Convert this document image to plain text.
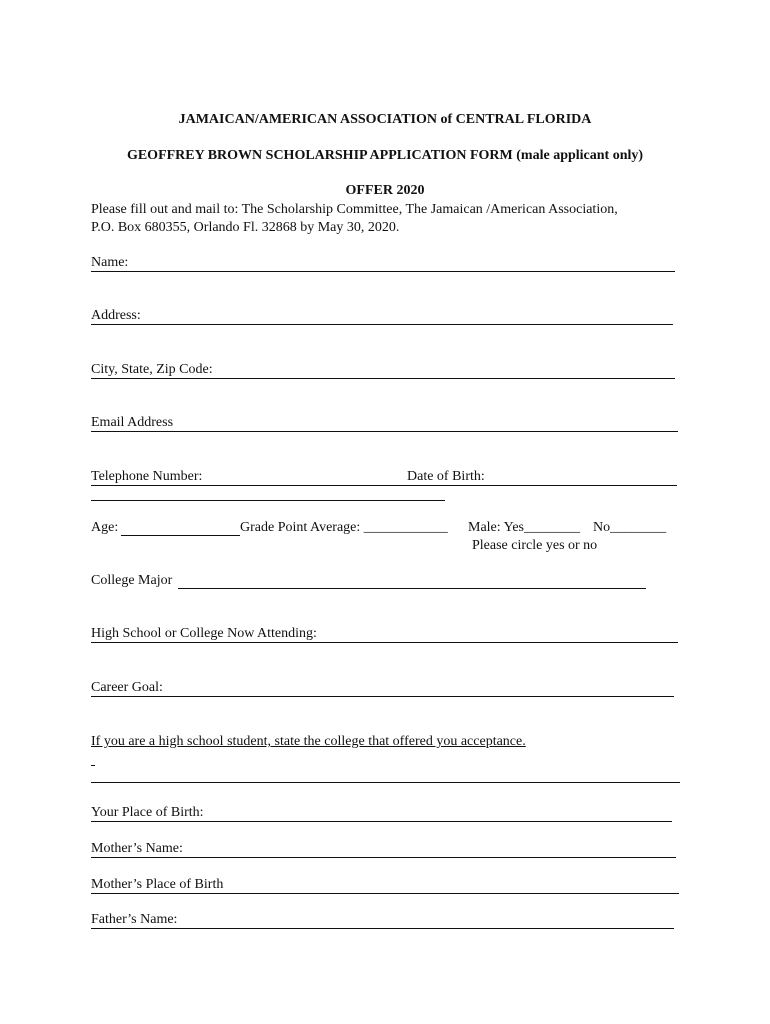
JAMAICAN/AMERICAN ASSOCIATION of CENTRAL FLORIDA
GEOFFREY BROWN SCHOLARSHIP APPLICATION FORM (male applicant only)
OFFER 2020
Please fill out and mail to: The Scholarship Committee, The Jamaican /American Association,
P.O. Box 680355, Orlando Fl. 32868 by May 30, 2020.
Name:
Address:
City, State, Zip Code:
Email Address
Telephone Number:	Date of Birth:
Age:	Grade Point Average: ____________ Male: Yes________ No________
Please circle yes or no
College Major
High School or College Now Attending:
Career Goal:
If you are a high school student, state the college that offered you acceptance.
Your Place of Birth:
Mother’s Name:
Mother’s Place of Birth
Father’s Name:
